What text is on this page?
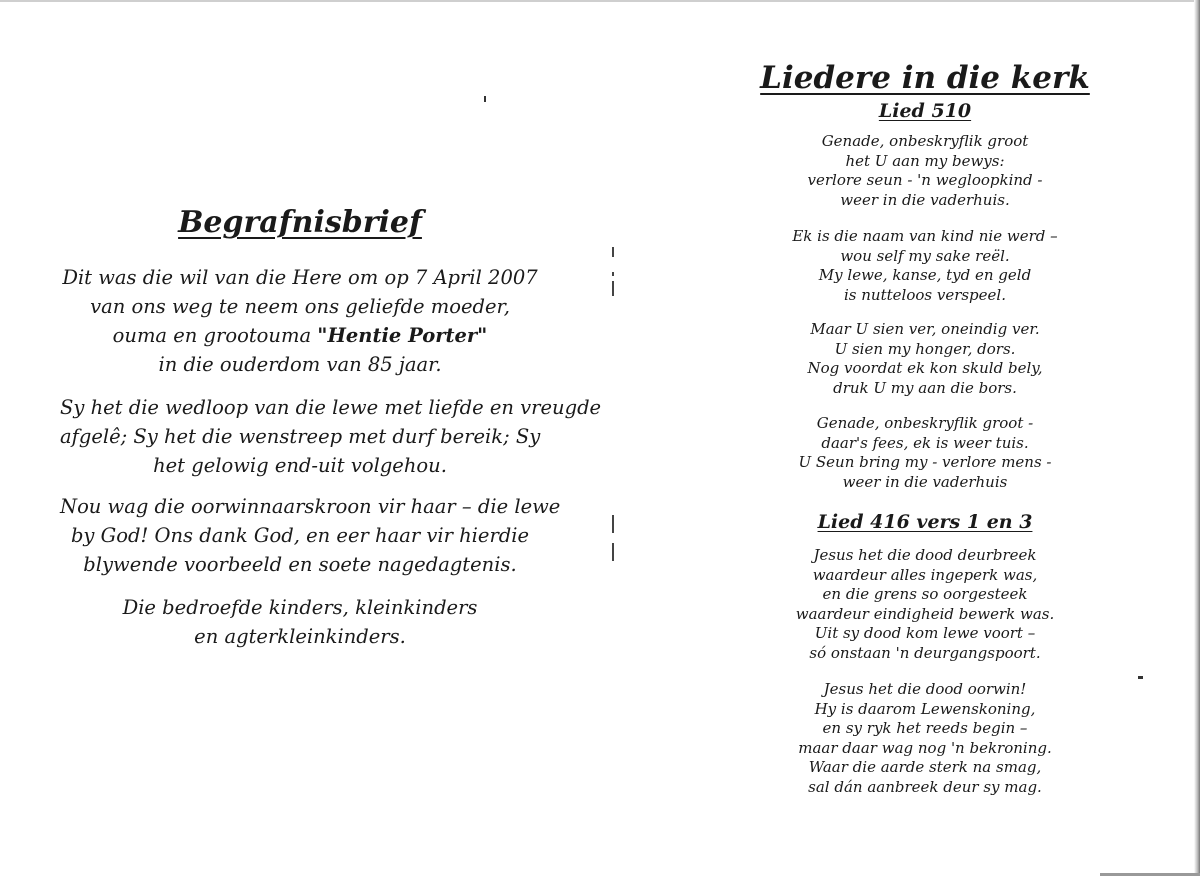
Begrafnisbrief
Dit was die wil van die Here om op 7 April 2007
van ons weg te neem ons geliefde moeder,
ouma en grootouma "Hentie Porter"
in die ouderdom van 85 jaar.
Sy het die wedloop van die lewe met liefde en vreugde
afgelê; Sy het die wenstreep met durf bereik; Sy
het gelowig end-uit volgehou.
Nou wag die oorwinnaarskroon vir haar – die lewe
by God! Ons dank God, en eer haar vir hierdie
blywende voorbeeld en soete nagedagtenis.
Die bedroefde kinders, kleinkinders
en agterkleinkinders.
Liedere in die kerk
Lied 510
Genade, onbeskryflik groot
het U aan my bewys:
verlore seun - 'n wegloopkind -
weer in die vaderhuis.
Ek is die naam van kind nie werd –
wou self my sake reël.
My lewe, kanse, tyd en geld
is nutteloos verspeel.
Maar U sien ver, oneindig ver.
U sien my honger, dors.
Nog voordat ek kon skuld bely,
druk U my aan die bors.
Genade, onbeskryflik groot -
daar's fees, ek is weer tuis.
U Seun bring my - verlore mens -
weer in die vaderhuis
Lied 416 vers 1 en 3
Jesus het die dood deurbreek
waardeur alles ingeperk was,
en die grens so oorgesteek
waardeur eindigheid bewerk was.
Uit sy dood kom lewe voort –
só onstaan 'n deurgangspoort.
Jesus het die dood oorwin!
Hy is daarom Lewenskoning,
en sy ryk het reeds begin –
maar daar wag nog 'n bekroning.
Waar die aarde sterk na smag,
sal dán aanbreek deur sy mag.
